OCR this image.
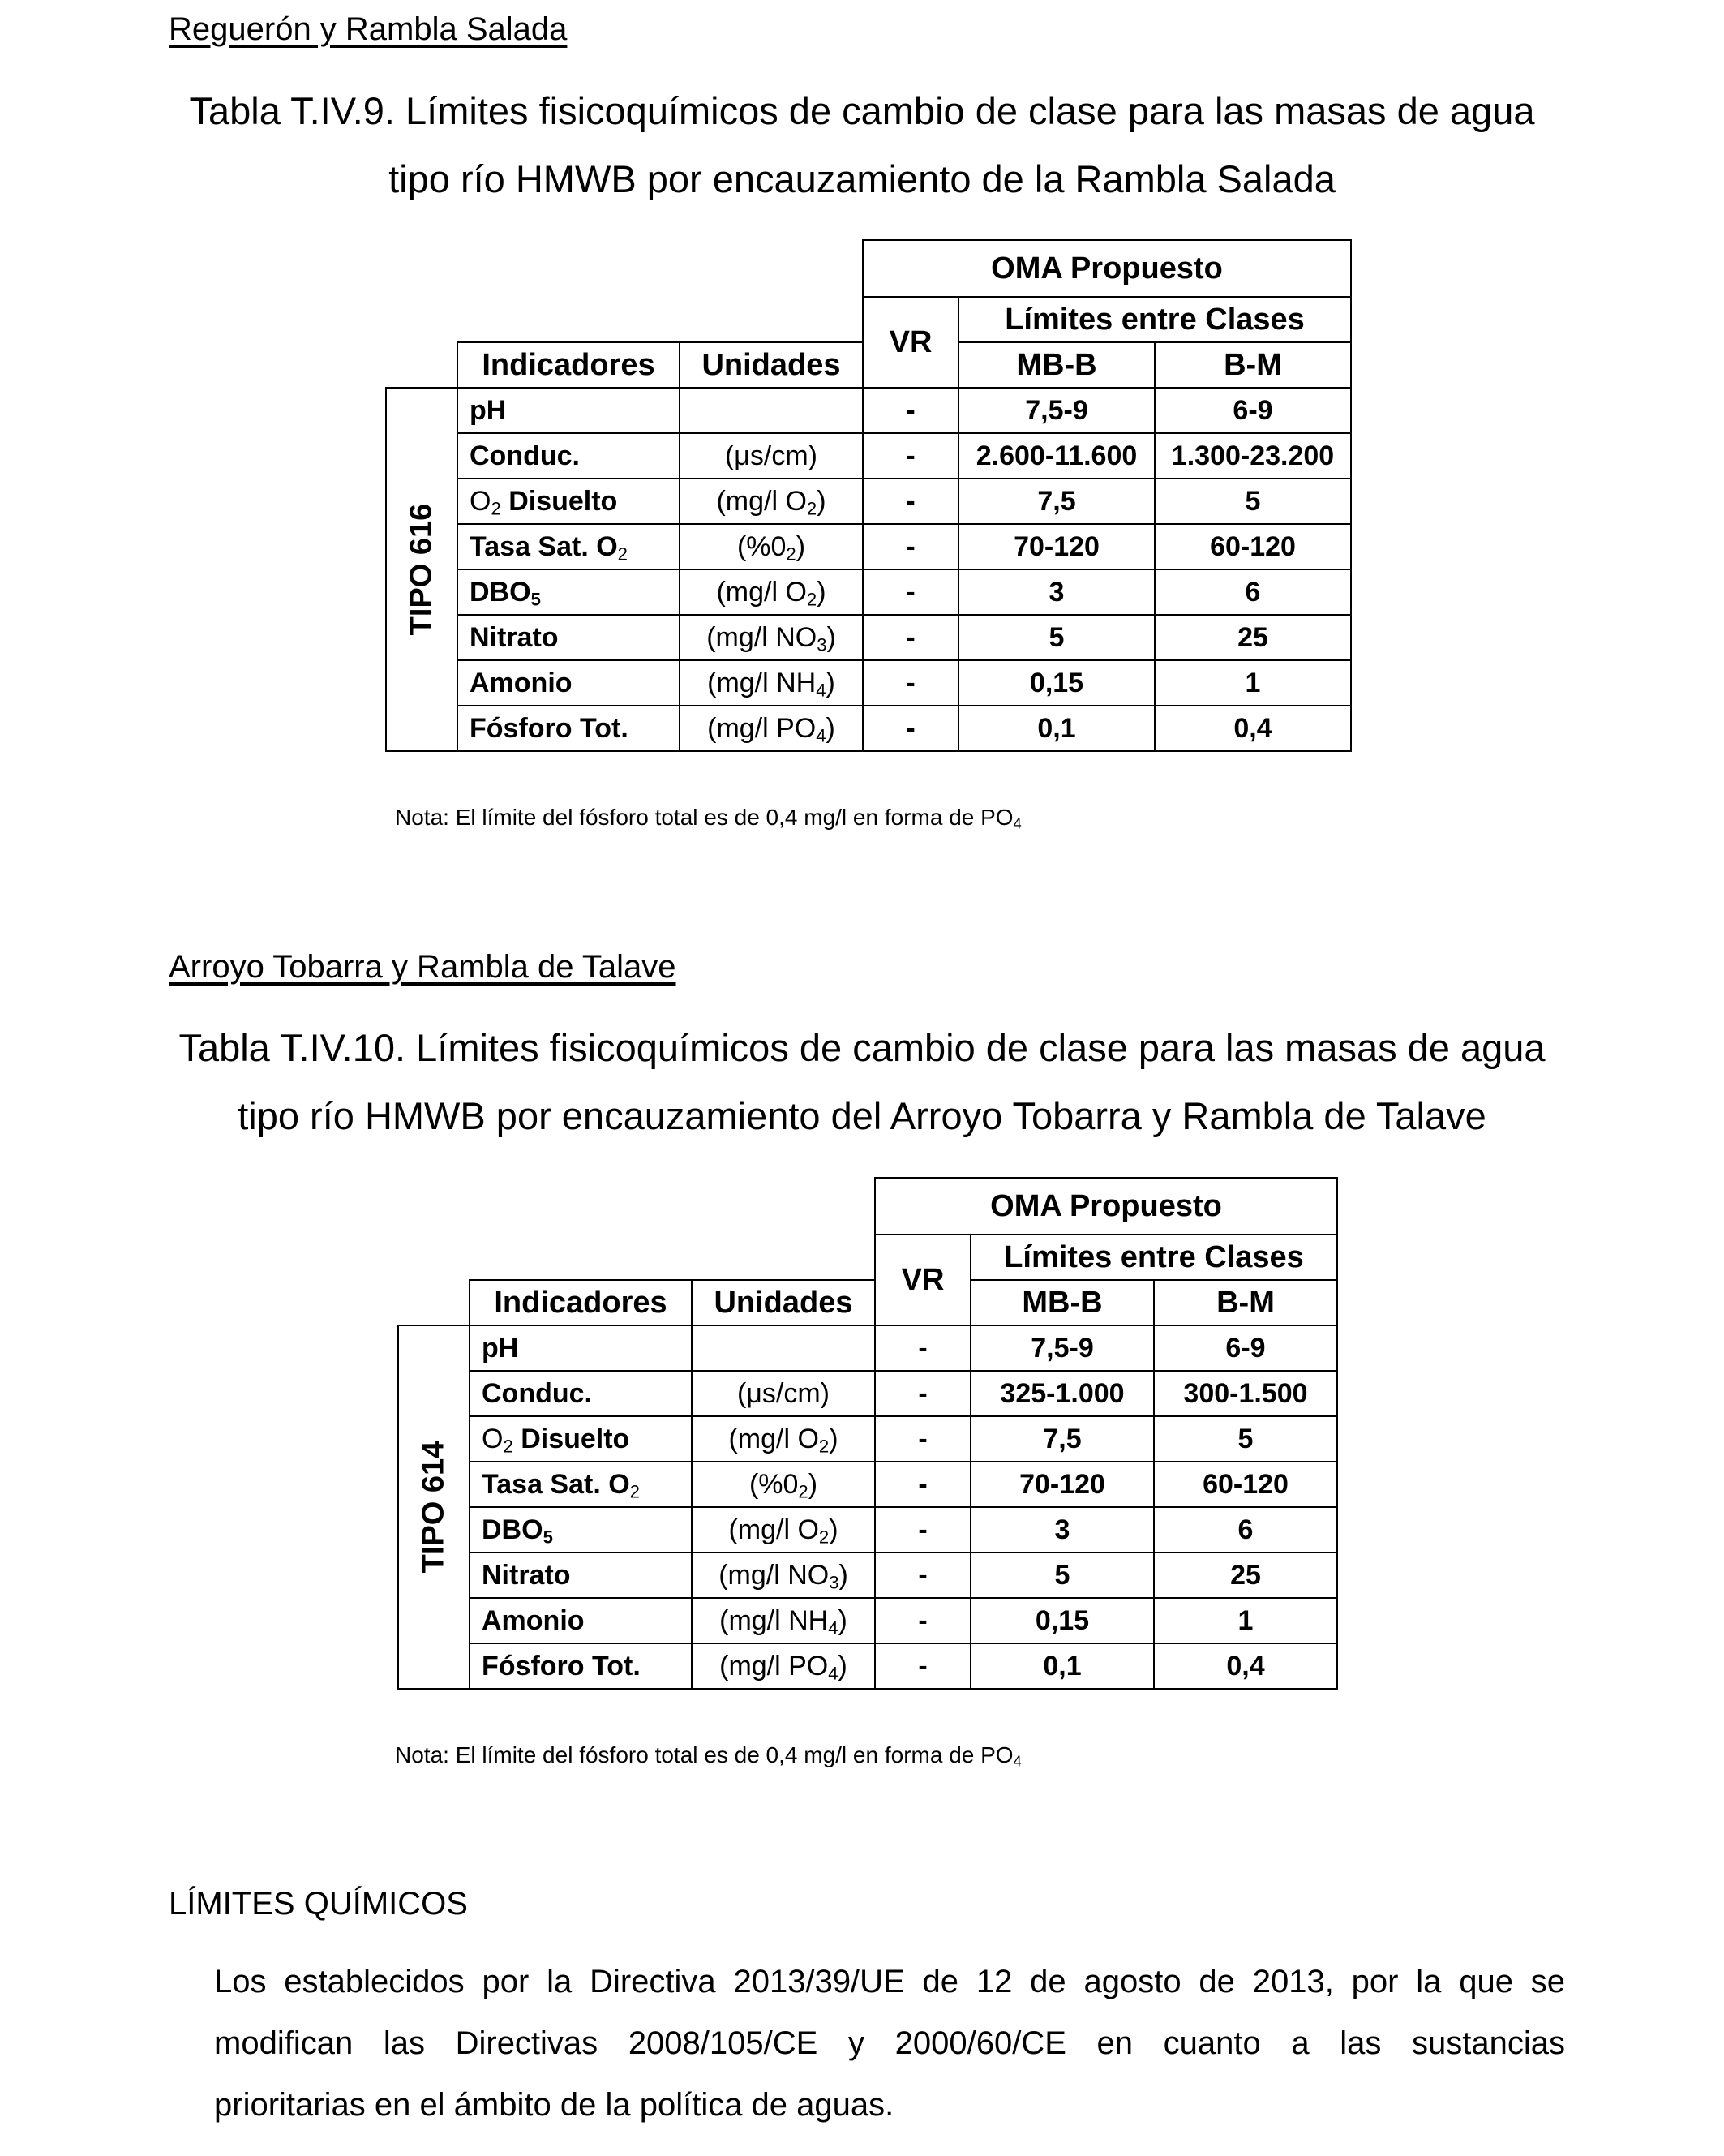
Reguerón y Rambla Salada
Tabla T.IV.9. Límites fisicoquímicos de cambio de clase para las masas de agua
tipo río HMWB por encauzamiento de la Rambla Salada
			OMA Propuesto		
			VR	Límites entre Clases	
	Indicadores	Unidades		MB-B	B-M

TIPO 616	pH		-	7,5-9	6-9
	Conduc.	(μs/cm)	-	2.600-11.600	1.300-23.200
	$O_2$ Disuelto	(mg/l $O_2$)	-	7,5	5
	Tasa Sat. $O_2$	$(\%0_2)$	-	70-120	60-120
	$DBO_5$	(mg/l $O_2$)	-	3	6
	Nitrato	(mg/l $NO_3$)	-	5	25
	Amonio	(mg/l $NH_4$)	-	0,15	1
	Fósforo Tot.	(mg/l $PO_4$)	-	0,1	0,4
Nota: El límite del fósforo total es de 0,4 mg/l en forma de $PO_4$
Arroyo Tobarra y Rambla de Talave
Tabla T.IV.10. Límites fisicoquímicos de cambio de clase para las masas de agua
tipo río HMWB por encauzamiento del Arroyo Tobarra y Rambla de Talave
			OMA Propuesto		
			VR	Límites entre Clases	
	Indicadores	Unidades		MB-B	B-M

TIPO 614	pH		-	7,5-9	6-9
	Conduc.	(μs/cm)	-	325-1.000	300-1.500
	$O_2$ Disuelto	(mg/l $O_2$)	-	7,5	5
	Tasa Sat. $O_2$	$(\%0_2)$	-	70-120	60-120
	$DBO_5$	(mg/l $O_2$)	-	3	6
	Nitrato	(mg/l $NO_3$)	-	5	25
	Amonio	(mg/l $NH_4$)	-	0,15	1
	Fósforo Tot.	(mg/l $PO_4$)	-	0,1	0,4
Nota: El límite del fósforo total es de 0,4 mg/l en forma de $PO_4$
LÍMITES QUÍMICOS
Los establecidos por la Directiva 2013/39/UE de 12 de agosto de 2013, por la que se
modifican las Directivas 2008/105/CE y 2000/60/CE en cuanto a las sustancias
prioritarias en el ámbito de la política de aguas.
